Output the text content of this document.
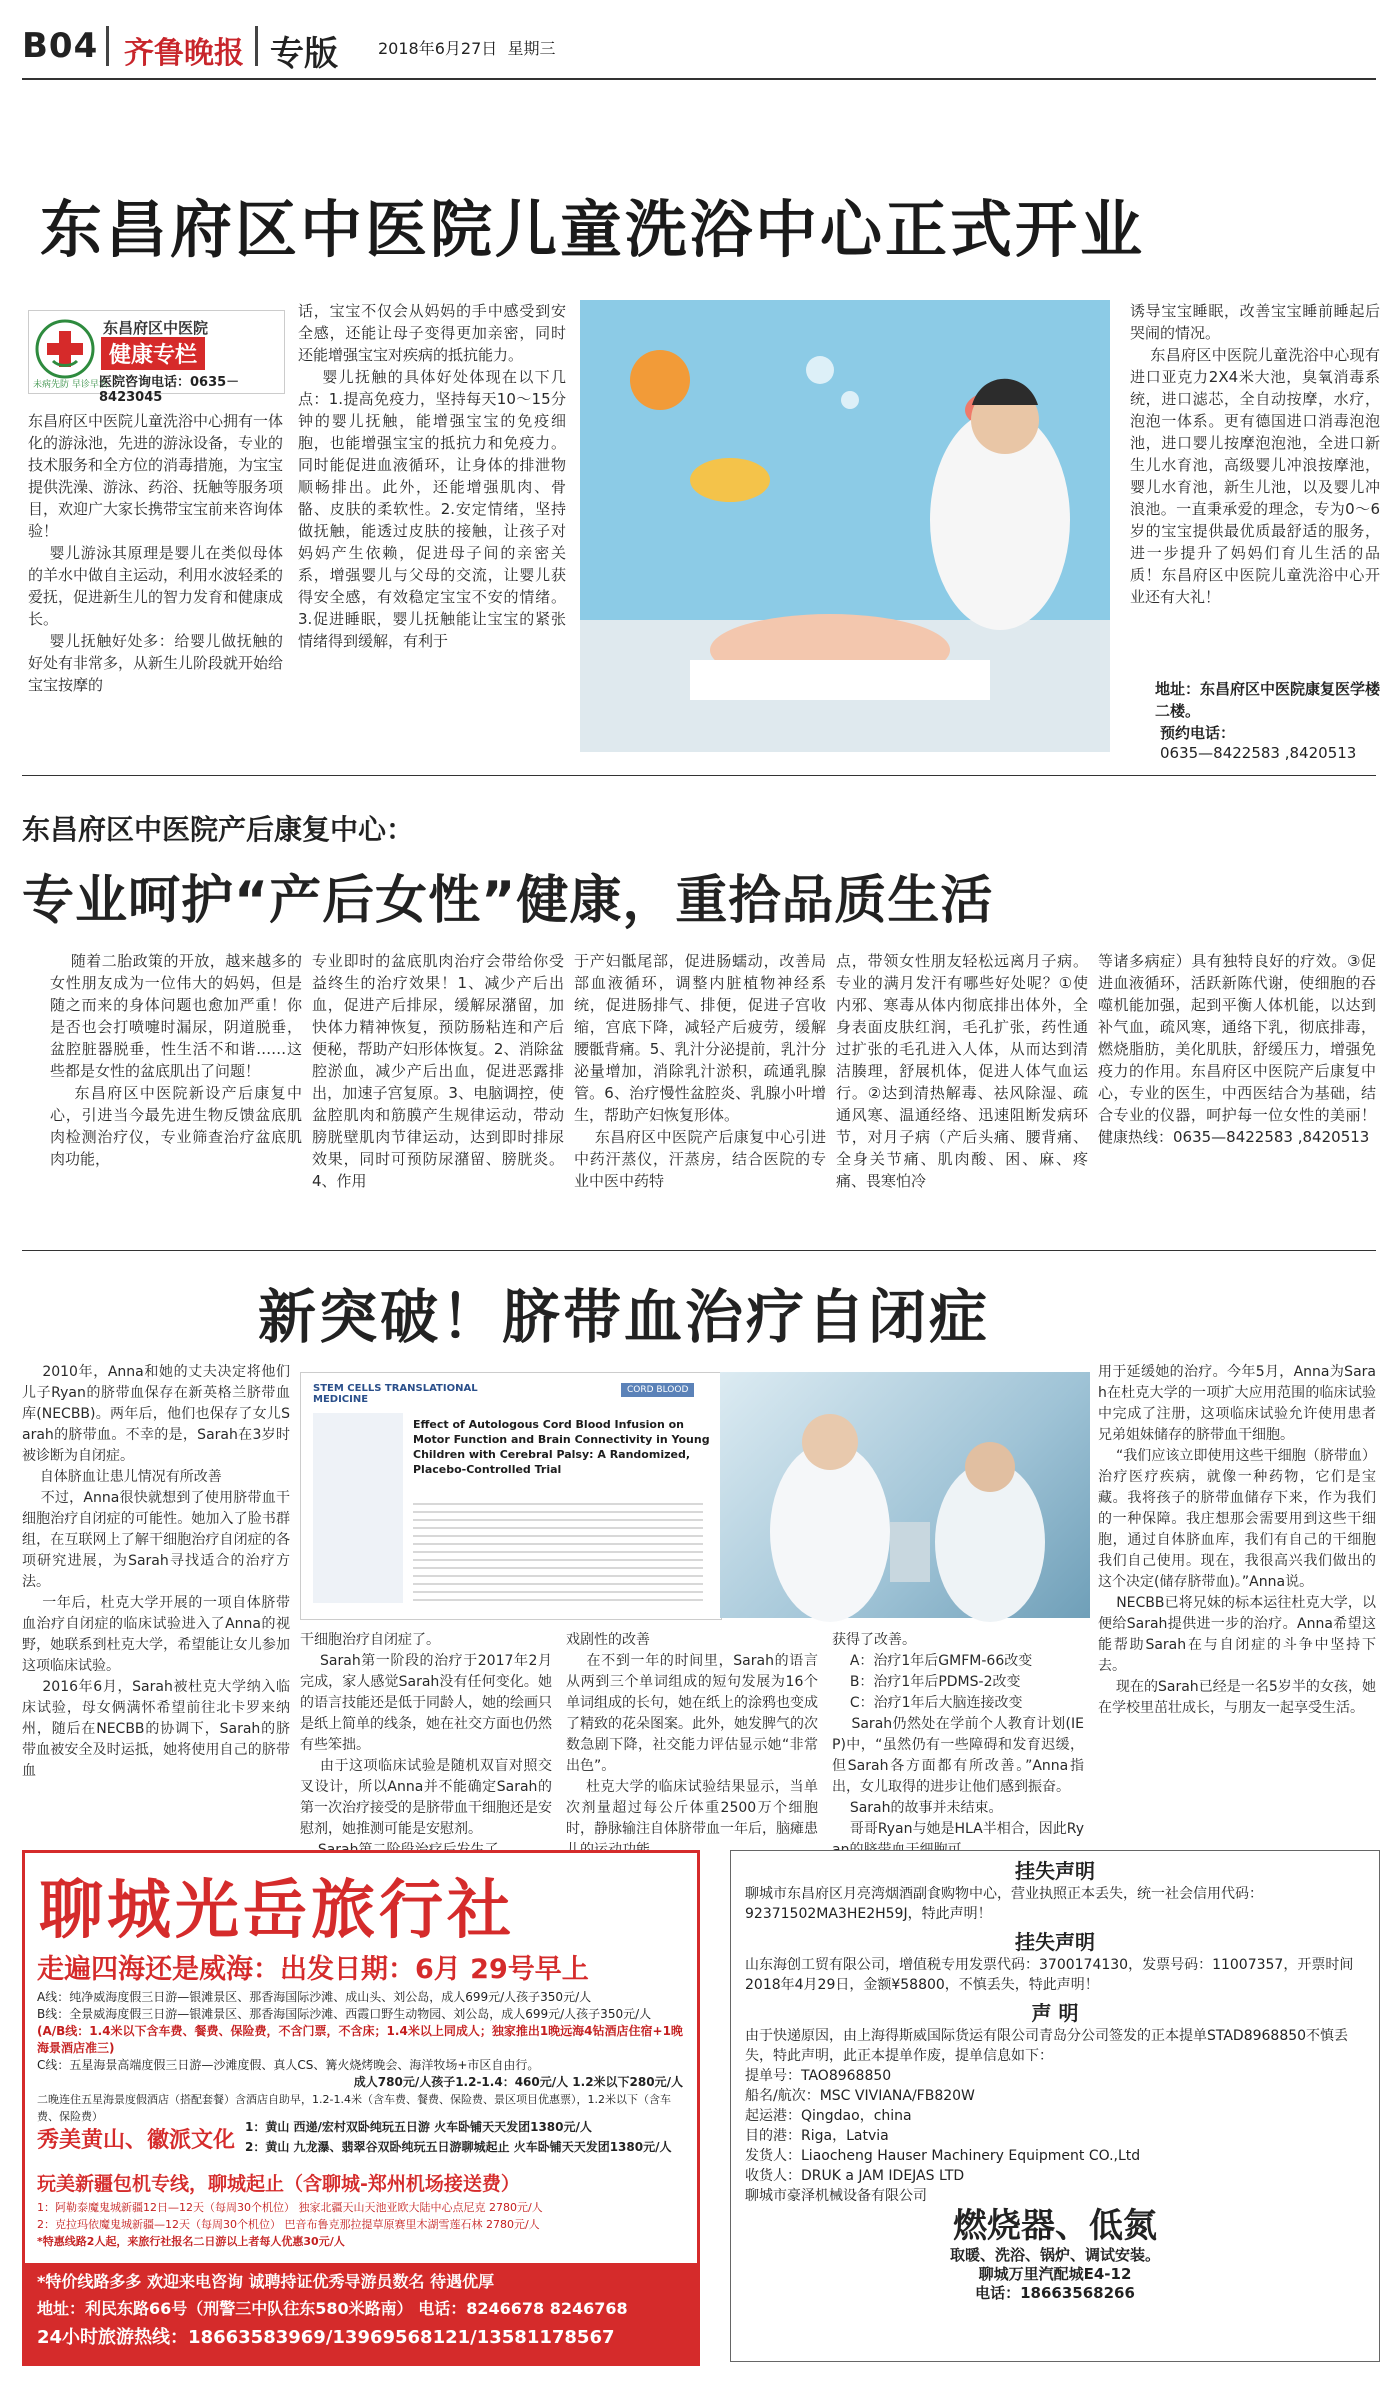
B04 齐鲁晚报 专版	2018年6月27日 星期三
东昌府区中医院儿童洗浴中心正式开业
东昌府区中医院
健康专栏
未病先防 早诊早治
医院咨询电话：0635－8423045
东昌府区中医院儿童洗浴中心拥有一体化的游泳池，先进的游泳设备，专业的技术服务和全方位的消毒措施，为宝宝提供洗澡、游泳、药浴、抚触等服务项目，欢迎广大家长携带宝宝前来咨询体验！
婴儿游泳其原理是婴儿在类似母体的羊水中做自主运动，利用水波轻柔的爱抚，促进新生儿的智力发育和健康成长。
婴儿抚触好处多：给婴儿做抚触的好处有非常多，从新生儿阶段就开始给宝宝按摩的
话，宝宝不仅会从妈妈的手中感受到安全感，还能让母子变得更加亲密，同时还能增强宝宝对疾病的抵抗能力。
婴儿抚触的具体好处体现在以下几点：1.提高免疫力，坚持每天10～15分钟的婴儿抚触，能增强宝宝的免疫细胞，也能增强宝宝的抵抗力和免疫力。同时能促进血液循环，让身体的排泄物顺畅排出。此外，还能增强肌肉、骨骼、皮肤的柔软性。2.安定情绪，坚持做抚触，能透过皮肤的接触，让孩子对妈妈产生依赖，促进母子间的亲密关系，增强婴儿与父母的交流，让婴儿获得安全感，有效稳定宝宝不安的情绪。3.促进睡眠，婴儿抚触能让宝宝的紧张情绪得到缓解，有利于
诱导宝宝睡眠，改善宝宝睡前睡起后哭闹的情况。
东昌府区中医院儿童洗浴中心现有进口亚克力2X4米大池，臭氧消毒系统，进口滤芯，全自动按摩，水疗，泡泡一体系。更有德国进口消毒泡泡池，进口婴儿按摩泡泡池，全进口新生儿水育池，高级婴儿冲浪按摩池，婴儿水育池，新生儿池，以及婴儿冲浪池。一直秉承爱的理念，专为0～6岁的宝宝提供最优质最舒适的服务，进一步提升了妈妈们育儿生活的品质！东昌府区中医院儿童洗浴中心开业还有大礼！
地址：东昌府区中医院康复医学楼二楼。
预约电话：
0635—8422583 ,8420513
东昌府区中医院产后康复中心：
专业呵护“产后女性”健康，重拾品质生活
随着二胎政策的开放，越来越多的女性朋友成为一位伟大的妈妈，但是随之而来的身体问题也愈加严重！你是否也会打喷嚏时漏尿，阴道脱垂，盆腔脏器脱垂，性生活不和谐……这些都是女性的盆底肌出了问题！
东昌府区中医院新设产后康复中心，引进当今最先进生物反馈盆底肌肉检测治疗仪，专业筛查治疗盆底肌肉功能，
专业即时的盆底肌肉治疗会带给你受益终生的治疗效果！1、减少产后出血，促进产后排尿，缓解尿潴留，加快体力精神恢复，预防肠粘连和产后便秘，帮助产妇形体恢复。2、消除盆腔淤血，减少产后出血，促进恶露排出，加速子宫复原。3、电脑调控，使盆腔肌肉和筋膜产生规律运动，带动膀胱壁肌肉节律运动，达到即时排尿效果，同时可预防尿潴留、膀胱炎。4、作用
于产妇骶尾部，促进肠蠕动，改善局部血液循环，调整内脏植物神经系统，促进肠排气、排便，促进子宫收缩，宫底下降，减轻产后疲劳，缓解腰骶背痛。5、乳汁分泌提前，乳汁分泌量增加，消除乳汁淤积，疏通乳腺管。6、治疗慢性盆腔炎、乳腺小叶增生，帮助产妇恢复形体。
东昌府区中医院产后康复中心引进中药汗蒸仪，汗蒸房，结合医院的专业中医中药特
点，带领女性朋友轻松远离月子病。专业的满月发汗有哪些好处呢？①使内邪、寒毒从体内彻底排出体外，全身表面皮肤红润，毛孔扩张，药性通过扩张的毛孔进入人体，从而达到清洁腠理，舒展机体，促进人体气血运行。②达到清热解毒、祛风除湿、疏通风寒、温通经络、迅速阻断发病环节，对月子病（产后头痛、腰背痛、全身关节痛、肌肉酸、困、麻、疼痛、畏寒怕冷
等诸多病症）具有独特良好的疗效。③促进血液循环，活跃新陈代谢，使细胞的吞噬机能加强，起到平衡人体机能，以达到补气血，疏风寒，通络下乳，彻底排毒，燃烧脂肪，美化肌肤，舒缓压力，增强免疫力的作用。东昌府区中医院产后康复中心，专业的医生，中西医结合为基础，结合专业的仪器，呵护每一位女性的美丽！健康热线：0635—8422583 ,8420513
新突破！脐带血治疗自闭症
2010年，Anna和她的丈夫决定将他们儿子Ryan的脐带血保存在新英格兰脐带血库(NECBB)。两年后，他们也保存了女儿Sarah的脐带血。不幸的是，Sarah在3岁时被诊断为自闭症。
自体脐血让患儿情况有所改善
不过，Anna很快就想到了使用脐带血干细胞治疗自闭症的可能性。她加入了脸书群组，在互联网上了解干细胞治疗自闭症的各项研究进展，为Sarah寻找适合的治疗方法。
一年后，杜克大学开展的一项自体脐带血治疗自闭症的临床试验进入了Anna的视野，她联系到杜克大学，希望能让女儿参加这项临床试验。
2016年6月，Sarah被杜克大学纳入临床试验，母女俩满怀希望前往北卡罗来纳州，随后在NECBB的协调下，Sarah的脐带血被安全及时运抵，她将使用自己的脐带血
STEM CELLS TRANSLATIONAL MEDICINE
CORD BLOOD
Effect of Autologous Cord Blood Infusion on Motor Function and Brain Connectivity in Young Children with Cerebral Palsy: A Randomized, Placebo-Controlled Trial
干细胞治疗自闭症了。
Sarah第一阶段的治疗于2017年2月完成，家人感觉Sarah没有任何变化。她的语言技能还是低于同龄人，她的绘画只是纸上简单的线条，她在社交方面也仍然有些笨拙。
由于这项临床试验是随机双盲对照交叉设计，所以Anna并不能确定Sarah的第一次治疗接受的是脐带血干细胞还是安慰剂，她推测可能是安慰剂。

戏剧性的改善
在不到一年的时间里，Sarah的语言从两到三个单词组成的短句发展为16个单词组成的长句，她在纸上的涂鸦也变成了精致的花朵图案。此外，她发脾气的次数急剧下降，社交能力评估显示她“非常出色”。
杜克大学的临床试验结果显示，当单次剂量超过每公斤体重2500万个细胞时，静脉输注自体脐带血一年后，脑瘫患
获得了改善。
A：治疗1年后GMFM-66改变
B：治疗1年后PDMS-2改变
C：治疗1年后大脑连接改变
Sarah仍然处在学前个人教育计划(IEP)中，“虽然仍有一些障碍和发育迟缓，但Sarah各方面都有所改善。”Anna指出，女儿取得的进步让他们感到振奋。
Sarah的故事并未结束。
哥哥Ryan与她是HLA半相合，因此Ry
用于延缓她的治疗。今年5月，Anna为Sarah在杜克大学的一项扩大应用范围的临床试验中完成了注册，这项临床试验允许使用患者兄弟姐妹储存的脐带血干细胞。
“我们应该立即使用这些干细胞（脐带血）治疗医疗疾病，就像一种药物，它们是宝藏。我将孩子的脐带血储存下来，作为我们的一种保障。我庄想那会需要用到这些干细胞，通过自体脐血库，我们有自己的干细胞我们自己使用。现在，我很高兴我们做出的这个决定(储存脐带血)。”Anna说。
NECBB已将兄妹的标本运往杜克大学，以便给Sarah提供进一步的治疗。Anna希望这能帮助Sarah在与自闭症的斗争中坚持下去。
现在的Sarah已经是一名5岁半的女孩，她在学校里茁壮成长，与朋友一起享受生活。
聊城光岳旅行社
走遍四海还是威海：出发日期：6月 29号早上
A线：纯净威海度假三日游—银滩景区、那香海国际沙滩、成山头、刘公岛，成人699元/人孩子350元/人
B线：全景威海度假三日游—银滩景区、那香海国际沙滩、西霞口野生动物园、刘公岛，成人699元/人孩子350元/人
(A/B线：1.4米以下含车费、餐费、保险费，不含门票，不含床；1.4米以上同成人；独家推出1晚远海4钻酒店住宿+1晚海景酒店准三)
C线：五星海景高端度假三日游—沙滩度假、真人CS、篝火烧烤晚会、海洋牧场+市区自由行。
成人780元/人孩子1.2-1.4：460元/人 1.2米以下280元/人
二晚连住五星海景度假酒店（搭配套餐）含酒店自助早，1.2-1.4米（含车费、餐费、保险费、景区项目优惠票），1.2米以下（含车费、保险费）
秀美黄山、徽派文化
1：黄山 西递/宏村双卧纯玩五日游 火车卧铺天天发团1380元/人
2：黄山 九龙瀑、翡翠谷双卧纯玩五日游聊城起止 火车卧铺天天发团1380元/人
玩美新疆包机专线，聊城起止（含聊城-郑州机场接送费）
1：阿勒泰魔鬼城新疆12日—12天（每周30个机位） 独家北疆天山天池亚欧大陆中心点尼克 2780元/人
2：克拉玛依魔鬼城新疆—12天（每周30个机位） 巴音布鲁克那拉提草原赛里木湖雪莲石林 2780元/人
*特惠线路2人起，来旅行社报名二日游以上者每人优惠30元/人
*特价线路多多 欢迎来电咨询 诚聘持证优秀导游员数名 待遇优厚
地址：利民东路66号（刑警三中队往东580米路南） 电话：8246678 8246768
24小时旅游热线：18663583969/13969568121/13581178567
挂失声明
聊城市东昌府区月亮湾烟酒副食购物中心，营业执照正本丢失，统一社会信用代码：92371502MA3HE2H59J，特此声明！
挂失声明
山东海创工贸有限公司，增值税专用发票代码：3700174130，发票号码：11007357，开票时间2018年4月29日，金额¥58800，不慎丢失，特此声明！
声 明
由于快递原因，由上海得斯威国际货运有限公司青岛分公司签发的正本提单STAD8968850不慎丢失，特此声明，此正本提单作废，提单信息如下：
提单号：TAO8968850
船名/航次：MSC VIVIANA/FB820W
起运港：Qingdao，china
目的港：Riga，Latvia
发货人：Liaocheng Hauser Machinery Equipment CO.,Ltd
收货人：DRUK a JAM IDEJAS LTD
聊城市豪泽机械设备有限公司
燃烧器、低氮
取暖、洗浴、锅炉、调试安装。
聊城万里汽配城E4-12
电话：18663568266
